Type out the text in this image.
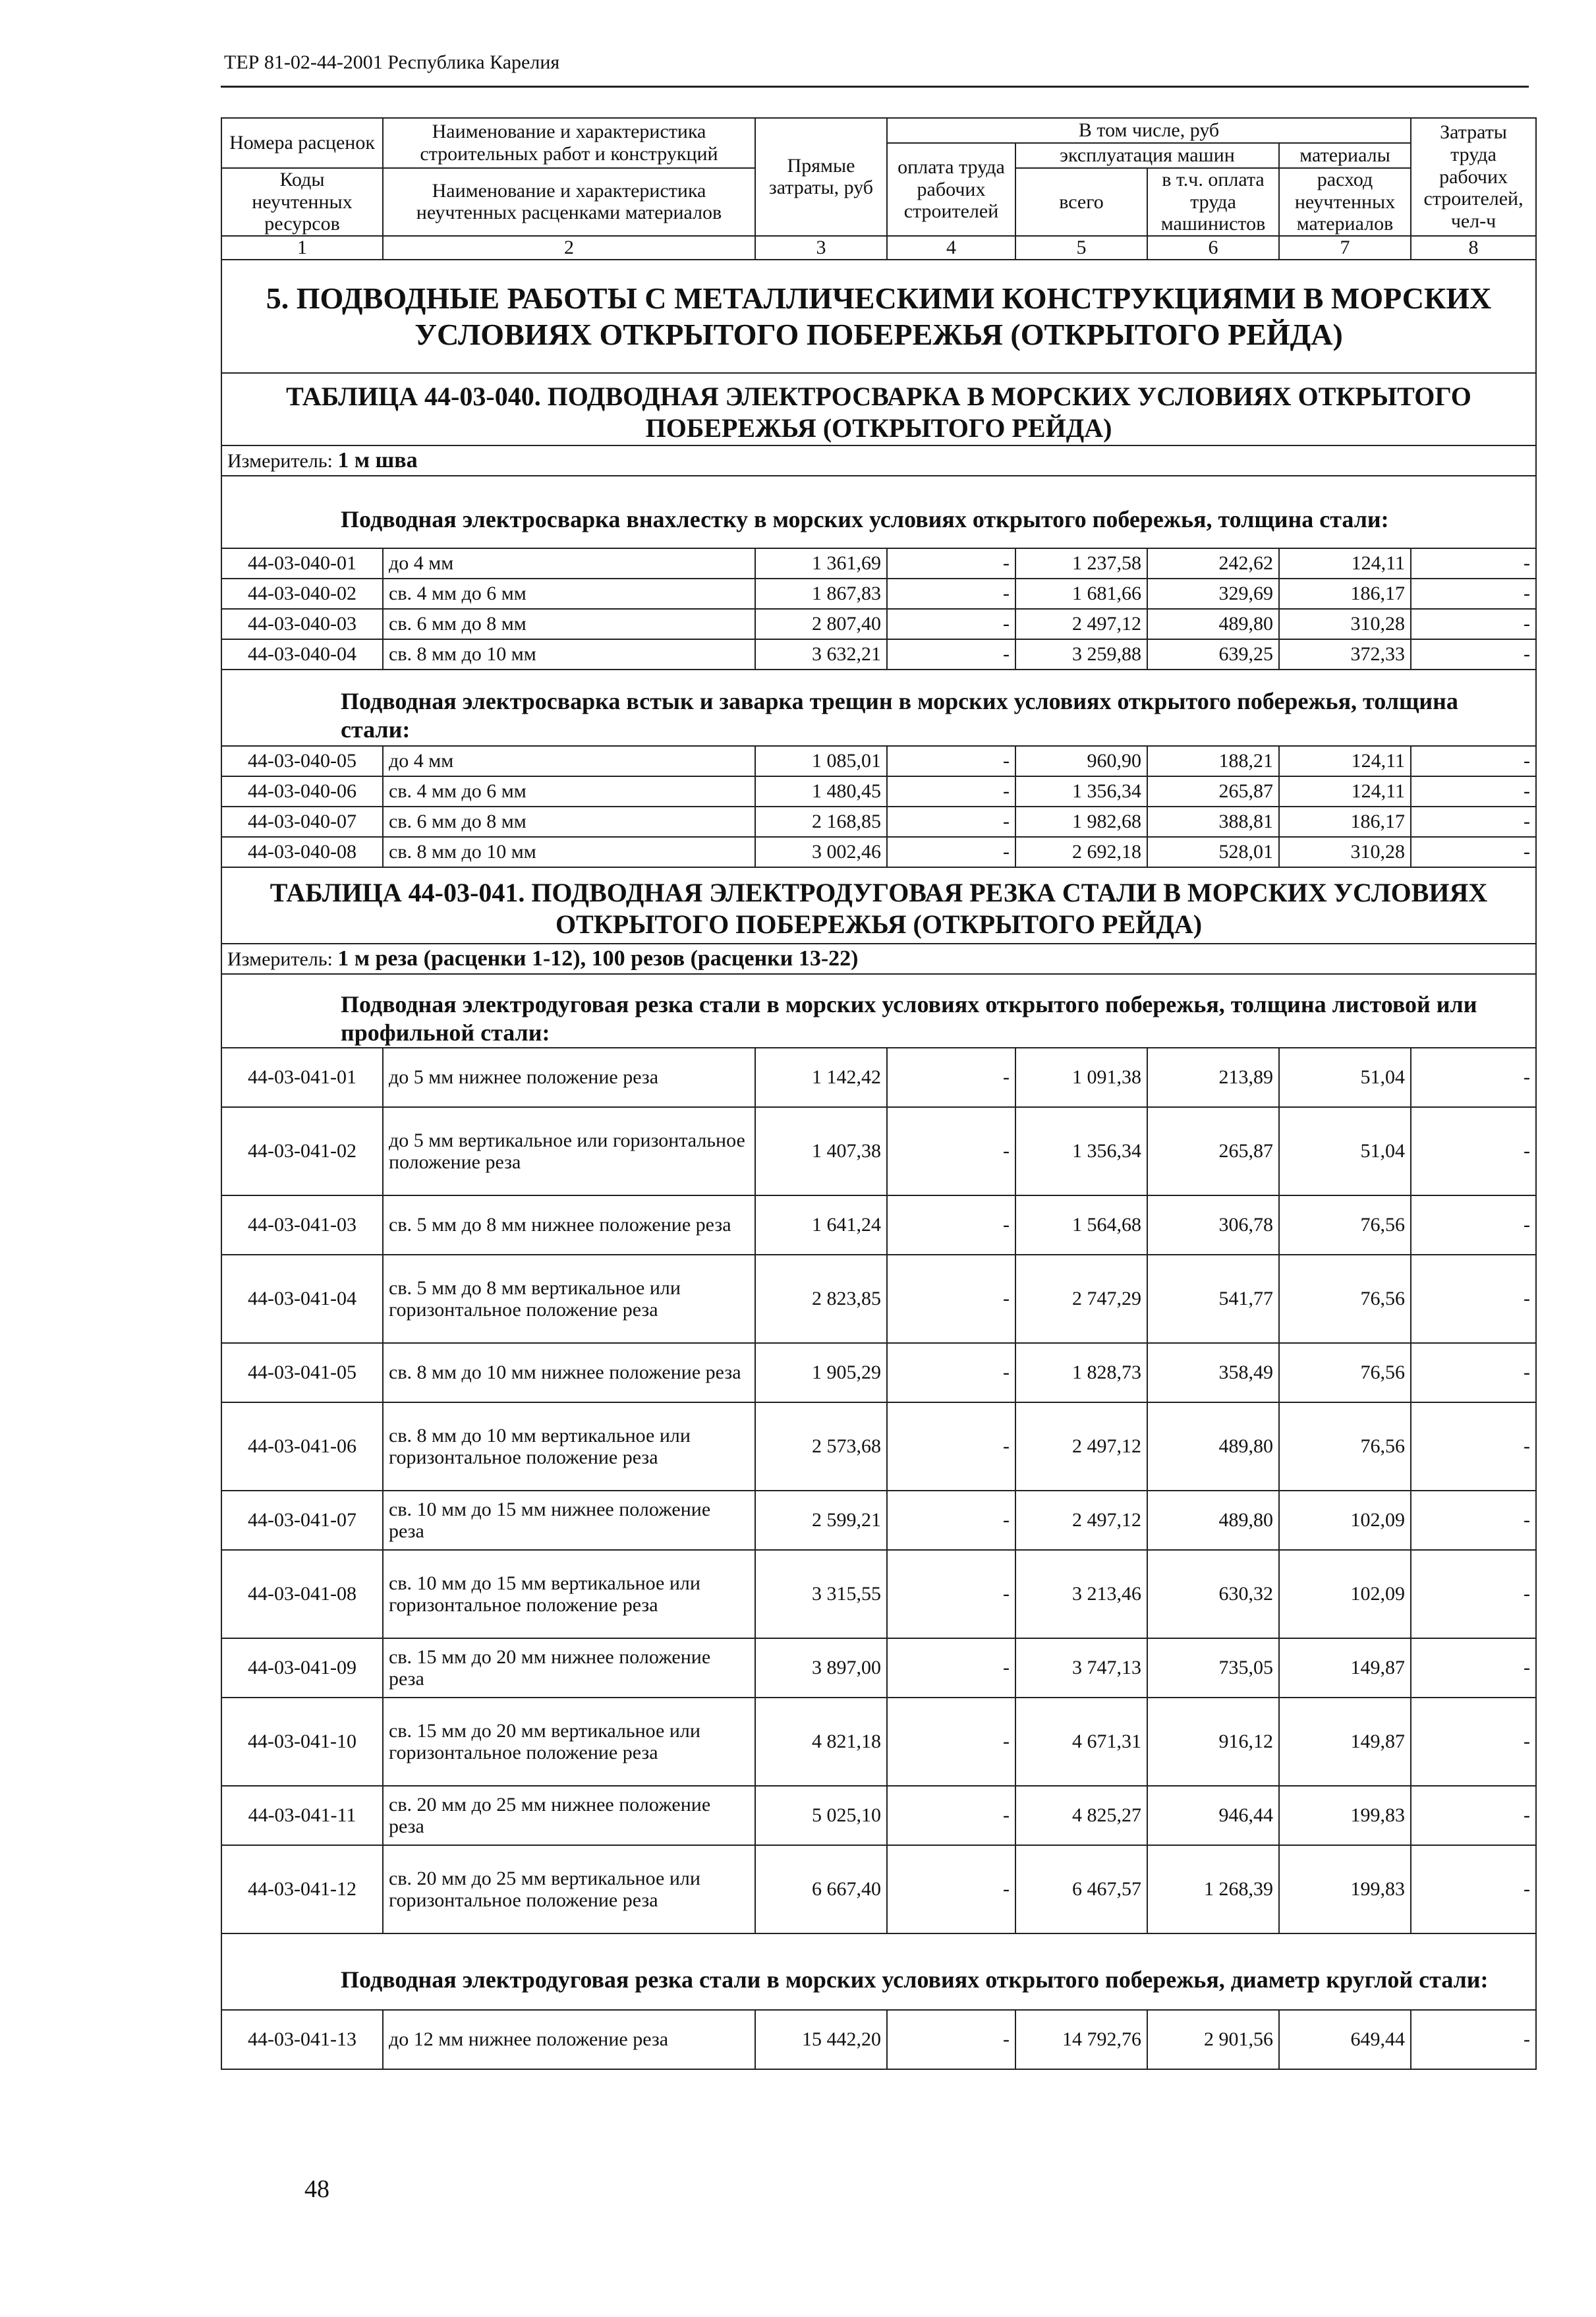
ТЕР 81-02-44-2001 Республика Карелия
Номера расценок	Наименование и характеристика строительных работ и конструкций	Прямые затраты, руб	В том числе, руб				Затраты труда рабочих строителей, чел-ч
			оплата труда рабочих строителей	эксплуатация машин		материалы	
Коды неучтенных ресурсов	Наименование и характеристика неучтенных расценками материалов			всего	в т.ч. оплата труда машинистов	расход неучтенных материалов	

1	2	3	4	5	6	7	8
5. ПОДВОДНЫЕ РАБОТЫ С МЕТАЛЛИЧЕСКИМИ КОНСТРУКЦИЯМИ В МОРСКИХ УСЛОВИЯХ ОТКРЫТОГО ПОБЕРЕЖЬЯ (ОТКРЫТОГО РЕЙДА)							
ТАБЛИЦА 44-03-040. ПОДВОДНАЯ ЭЛЕКТРОСВАРКА В МОРСКИХ УСЛОВИЯХ ОТКРЫТОГО ПОБЕРЕЖЬЯ (ОТКРЫТОГО РЕЙДА)							
Измеритель: 1 м шва							
Подводная электросварка внахлестку в морских условиях открытого побережья, толщина стали:							
44-03-040-01	до 4 мм	1 361,69	-	1 237,58	242,62	124,11	-
44-03-040-02	св. 4 мм до 6 мм	1 867,83	-	1 681,66	329,69	186,17	-
44-03-040-03	св. 6 мм до 8 мм	2 807,40	-	2 497,12	489,80	310,28	-
44-03-040-04	св. 8 мм до 10 мм	3 632,21	-	3 259,88	639,25	372,33	-
Подводная электросварка встык и заварка трещин в морских условиях открытого побережья, толщина стали:							
44-03-040-05	до 4 мм	1 085,01	-	960,90	188,21	124,11	-
44-03-040-06	св. 4 мм до 6 мм	1 480,45	-	1 356,34	265,87	124,11	-
44-03-040-07	св. 6 мм до 8 мм	2 168,85	-	1 982,68	388,81	186,17	-
44-03-040-08	св. 8 мм до 10 мм	3 002,46	-	2 692,18	528,01	310,28	-
ТАБЛИЦА 44-03-041. ПОДВОДНАЯ ЭЛЕКТРОДУГОВАЯ РЕЗКА СТАЛИ В МОРСКИХ УСЛОВИЯХ ОТКРЫТОГО ПОБЕРЕЖЬЯ (ОТКРЫТОГО РЕЙДА)							
Измеритель: 1 м реза (расценки 1-12), 100 резов (расценки 13-22)							
Подводная электродуговая резка стали в морских условиях открытого побережья, толщина листовой или профильной стали:							
44-03-041-01	до 5 мм нижнее положение реза	1 142,42	-	1 091,38	213,89	51,04	-
44-03-041-02	до 5 мм вертикальное или горизонтальное положение реза	1 407,38	-	1 356,34	265,87	51,04	-
44-03-041-03	св. 5 мм до 8 мм нижнее положение реза	1 641,24	-	1 564,68	306,78	76,56	-
44-03-041-04	св. 5 мм до 8 мм вертикальное или горизонтальное положение реза	2 823,85	-	2 747,29	541,77	76,56	-
44-03-041-05	св. 8 мм до 10 мм нижнее положение реза	1 905,29	-	1 828,73	358,49	76,56	-
44-03-041-06	св. 8 мм до 10 мм вертикальное или горизонтальное положение реза	2 573,68	-	2 497,12	489,80	76,56	-
44-03-041-07	св. 10 мм до 15 мм нижнее положение реза	2 599,21	-	2 497,12	489,80	102,09	-
44-03-041-08	св. 10 мм до 15 мм вертикальное или горизонтальное положение реза	3 315,55	-	3 213,46	630,32	102,09	-
44-03-041-09	св. 15 мм до 20 мм нижнее положение реза	3 897,00	-	3 747,13	735,05	149,87	-
44-03-041-10	св. 15 мм до 20 мм вертикальное или горизонтальное положение реза	4 821,18	-	4 671,31	916,12	149,87	-
44-03-041-11	св. 20 мм до 25 мм нижнее положение реза	5 025,10	-	4 825,27	946,44	199,83	-
44-03-041-12	св. 20 мм до 25 мм вертикальное или горизонтальное положение реза	6 667,40	-	6 467,57	1 268,39	199,83	-
Подводная электродуговая резка стали в морских условиях открытого побережья, диаметр круглой стали:							
44-03-041-13	до 12 мм нижнее положение реза	15 442,20	-	14 792,76	2 901,56	649,44	-
48
